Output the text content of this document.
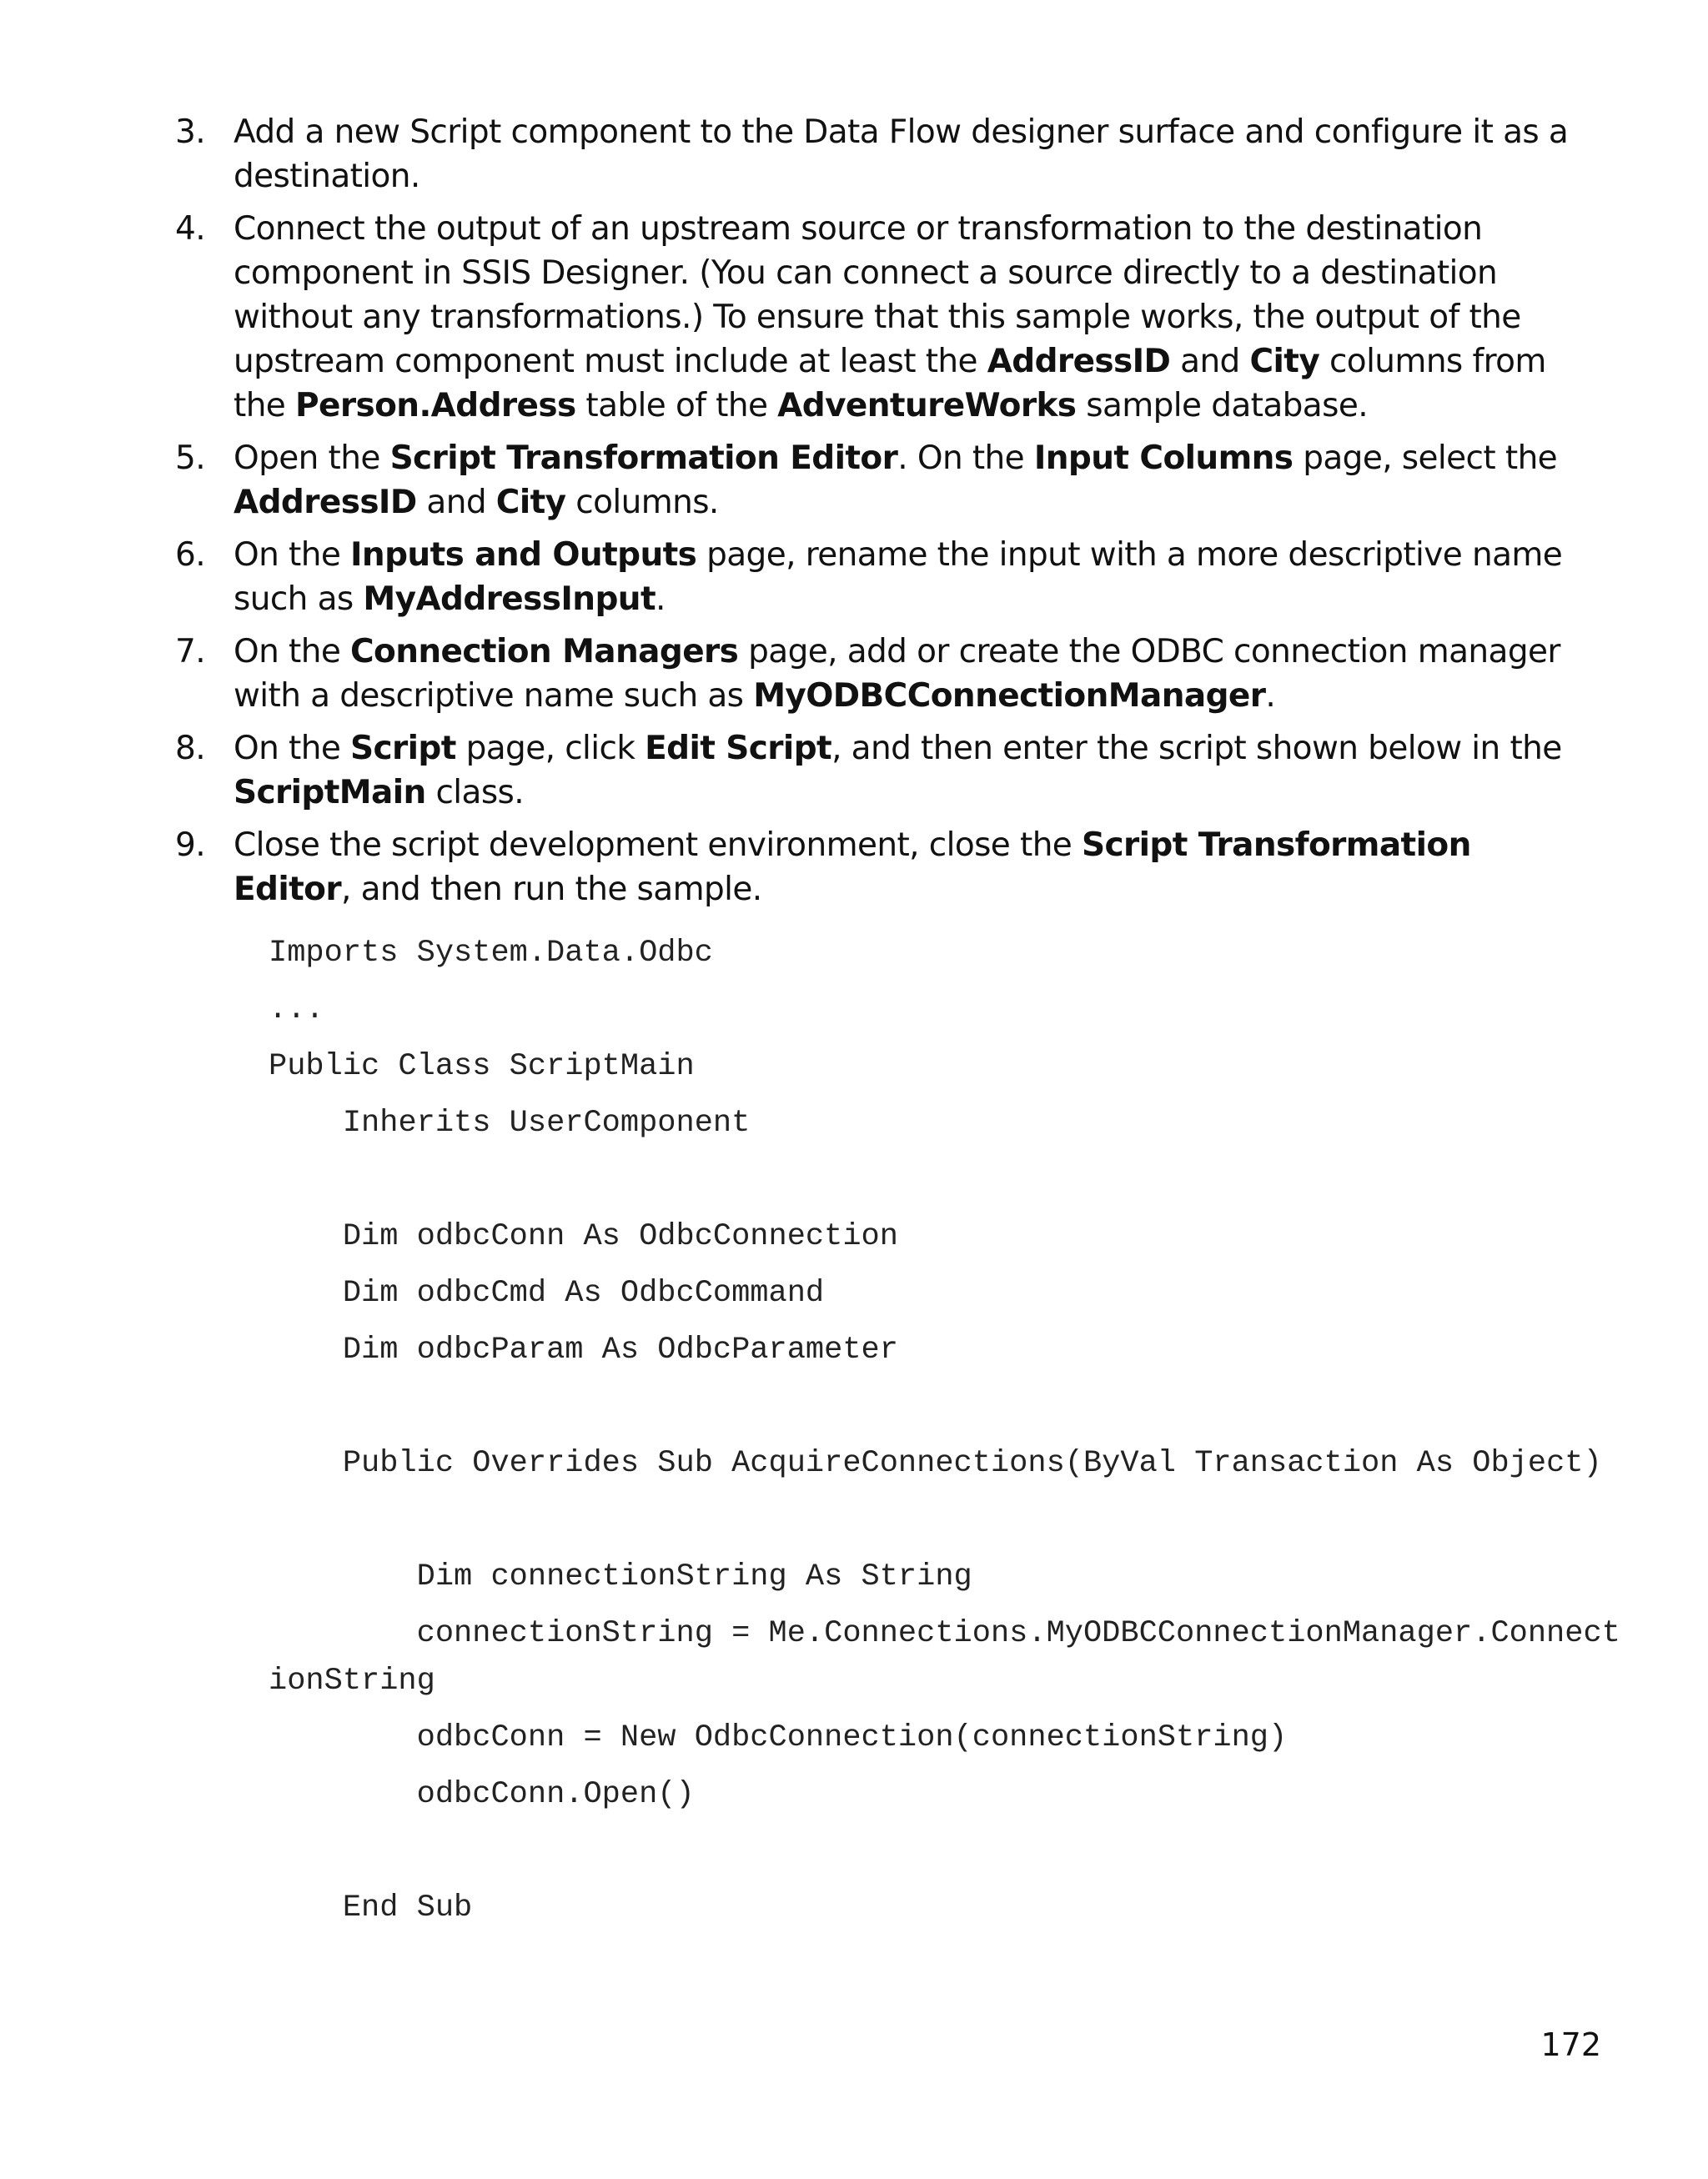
3. Add a new Script component to the Data Flow designer surface and configure it as a destination.
4. Connect the output of an upstream source or transformation to the destination component in SSIS Designer. (You can connect a source directly to a destination without any transformations.) To ensure that this sample works, the output of the upstream component must include at least the AddressID and City columns from the Person.Address table of the AdventureWorks sample database.
5. Open the Script Transformation Editor. On the Input Columns page, select the AddressID and City columns.
6. On the Inputs and Outputs page, rename the input with a more descriptive name such as MyAddressInput.
7. On the Connection Managers page, add or create the ODBC connection manager with a descriptive name such as MyODBCConnectionManager.
8. On the Script page, click Edit Script, and then enter the script shown below in the ScriptMain class.
9. Close the script development environment, close the Script Transformation Editor, and then run the sample.
Imports System.Data.Odbc
...
Public Class ScriptMain
Inherits UserComponent
Dim odbcConn As OdbcConnection
Dim odbcCmd As OdbcCommand
Dim odbcParam As OdbcParameter
Public Overrides Sub AcquireConnections(ByVal Transaction As Object)
Dim connectionString As String
connectionString = Me.Connections.MyODBCConnectionManager.ConnectionString
odbcConn = New OdbcConnection(connectionString)
odbcConn.Open()
End Sub
172
